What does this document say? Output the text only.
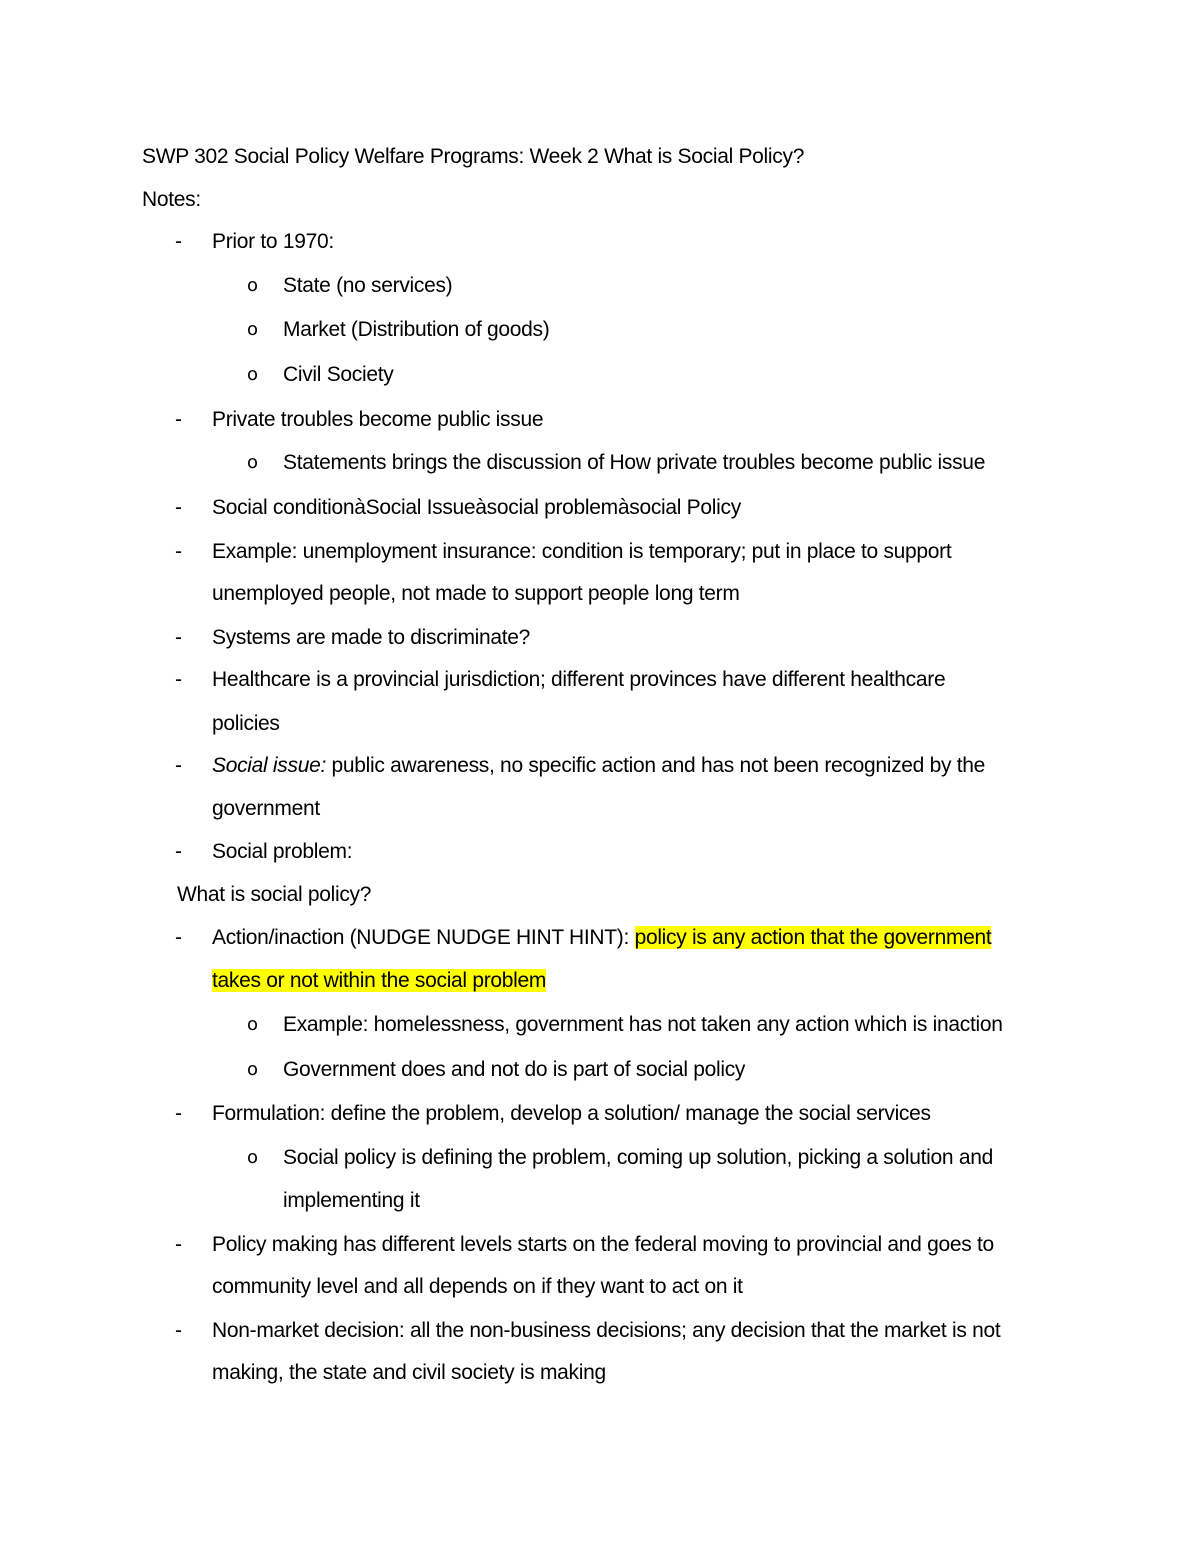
SWP 302 Social Policy Welfare Programs: Week 2 What is Social Policy?
Notes:
- Prior to 1970:
o State (no services)
o Market (Distribution of goods)
o Civil Society
- Private troubles become public issue
o Statements brings the discussion of How private troubles become public issue
- Social conditionàSocial Issueàsocial problemàsocial Policy
- Example: unemployment insurance: condition is temporary; put in place to support
unemployed people, not made to support people long term
- Systems are made to discriminate?
- Healthcare is a provincial jurisdiction; different provinces have different healthcare
policies
- Social issue: public awareness, no specific action and has not been recognized by the
government
- Social problem:
What is social policy?
- Action/inaction (NUDGE NUDGE HINT HINT): policy is any action that the government
takes or not within the social problem
o Example: homelessness, government has not taken any action which is inaction
o Government does and not do is part of social policy
- Formulation: define the problem, develop a solution/ manage the social services
o Social policy is defining the problem, coming up solution, picking a solution and
implementing it
- Policy making has different levels starts on the federal moving to provincial and goes to
community level and all depends on if they want to act on it
- Non-market decision: all the non-business decisions; any decision that the market is not
making, the state and civil society is making
